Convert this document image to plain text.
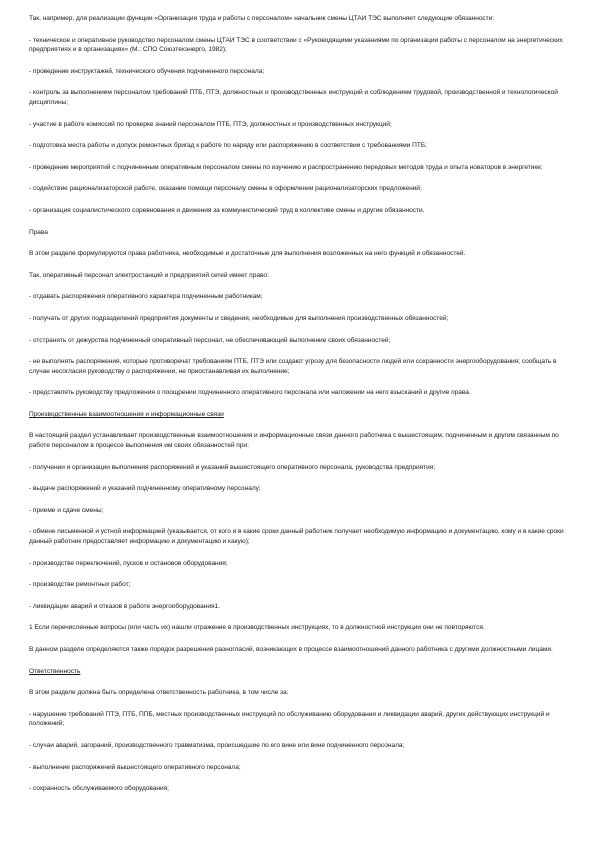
Так, например, для реализации функции «Организация труда и работы с персоналом» начальник смены ЦТАИ ТЭС выполняет следующие обязанности:
- техническое и оперативное руководство персоналом смены ЦТАИ ТЭС в соответствии с «Руководящими указаниями по организации работы с персоналом на энергетических предприятиях и в организациях» (М.: СПО Союзтехэнерго, 1982);
- проведение инструктажей, технического обучения подчиненного персонала;
- контроль за выполнением персоналом требований ПТБ, ПТЭ, должностных и производственных инструкций и соблюдением трудовой, производственной и технологической дисциплины;
- участие в работе комиссий по проверке знаний персоналом ПТБ, ПТЭ, должностных и производственных инструкций;
- подготовка места работы и допуск ремонтных бригад к работе по наряду или распоряжению в соответствии с требованиями ПТБ;
- проведение мероприятий с подчиненным оперативным персоналом смены по изучению и распространению передовых методов труда и опыта новаторов в энергетике;
- содействие рационализаторской работе, оказание помощи персоналу смены в оформлении рационализаторских предложений;
- организация социалистического соревнования и движения за коммунистический труд в коллективе смены и другие обязанности.
Права
В этом разделе формулируются права работника, необходимые и достаточные для выполнения возложенных на него функций и обязанностей.
Так, оперативный персонал электростанций и предприятий сетей имеет право:
- отдавать распоряжения оперативного характера подчиненным работникам;
- получать от других подразделений предприятия документы и сведения, необходимые для выполнения производственных обязанностей;
- отстранять от дежурства подчиненный оперативный персонал, не обеспечивающий выполнение своих обязанностей;
- не выполнять распоряжения, которые противоречат требованиям ПТБ, ПТЭ или создают угрозу для безопасности людей или сохранности энергооборудования; сообщать в случае несогласия руководству о распоряжении, не приостанавливая их выполнение;
- представлять руководству предложения о поощрении подчиненного оперативного персонала или наложении на него взысканий и другие права.
Производственные взаимоотношения и информационные связи
В настоящий раздел устанавливает производственные взаимоотношения и информационные связи данного работника с вышестоящим, подчиненным и другим связанным по работе персоналом в процессе выполнения им своих обязанностей при:
- получении и организации выполнения распоряжений и указаний вышестоящего оперативного персонала, руководства предприятия;
- выдаче распоряжений и указаний подчиненному оперативному персоналу;
- приеме и сдаче смены;
- обмене письменной и устной информацией (указывается, от кого и в какие сроки данный работник получает необходимую информацию и документацию, кому и в какие сроки данный работник предоставляет информацию и документацию и какую);
- производстве переключений, пусков и остановов оборудования;
- производстве ремонтных работ;
- ликвидации аварий и отказов в работе энергооборудования1.
1 Если перечисленные вопросы (или часть их) нашли отражение в производственных инструкциях, то в должностной инструкции они не повторяются.
В данном разделе определяются также порядок разрешения разногласий, возникающих в процессе взаимоотношений данного работника с другими должностными лицами.
Ответственность
В этом разделе должна быть определена ответственность работника, в том числе за:
- нарушение требований ПТЭ, ПТБ, ППБ, местных производственных инструкций по обслуживанию оборудования и ликвидации аварий, других действующих инструкций и положений;
- случаи аварий, загораний, производственного травматизма, происшедшие по его вине или вине подчиненного персонала;
- выполнение распоряжений вышестоящего оперативного персонала;
- сохранность обслуживаемого оборудования;
